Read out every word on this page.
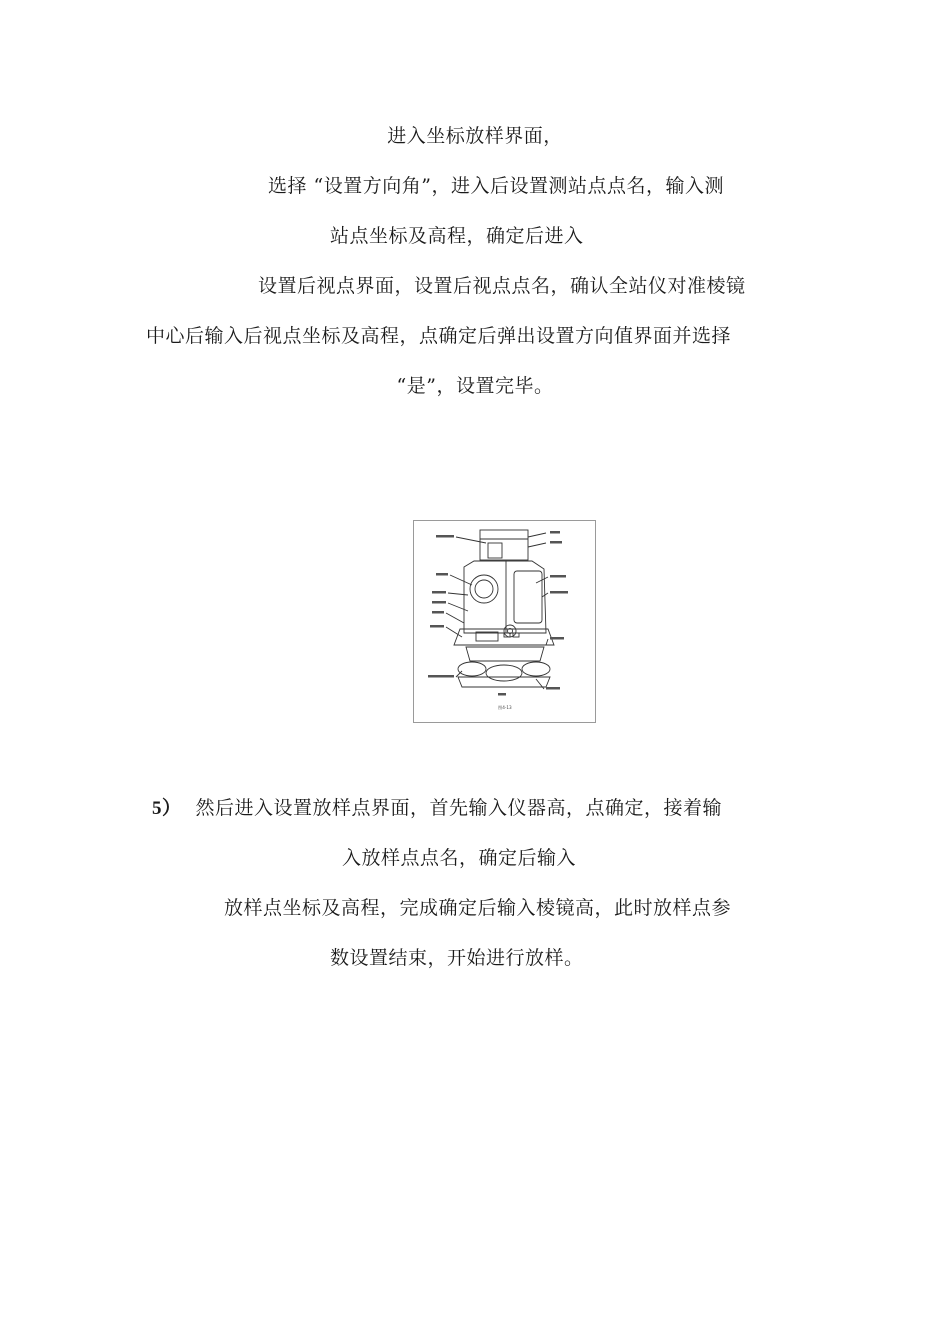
进入坐标放样界面，
选择 “设置方向角”，进入后设置测站点点名，输入测
站点坐标及高程，确定后进入
设置后视点界面，设置后视点点名，确认全站仪对准棱镜
中心后输入后视点坐标及高程，点确定后弹出设置方向值界面并选择
“是”，设置完毕。
图4-13
5） 然后进入设置放样点界面，首先输入仪器高，点确定，接着输
入放样点点名，确定后输入
放样点坐标及高程，完成确定后输入棱镜高，此时放样点参
数设置结束，开始进行放样。
